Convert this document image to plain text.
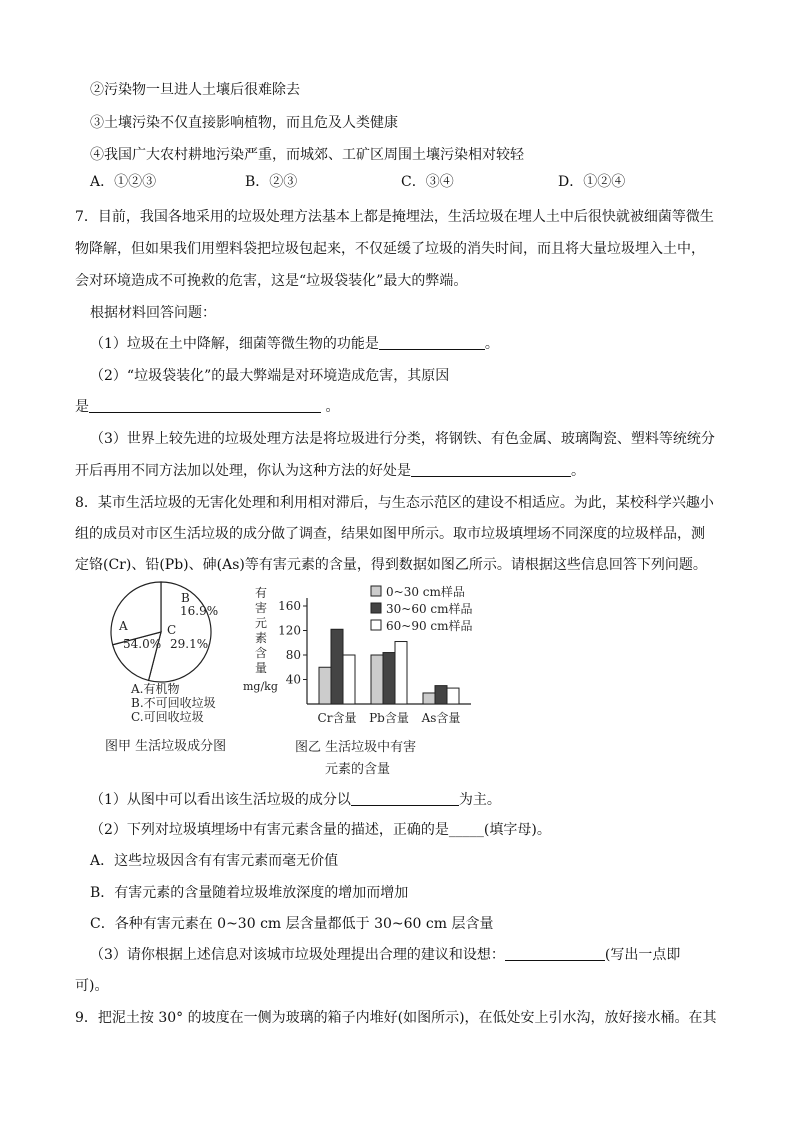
②污染物一旦进人土壤后很难除去
③土壤污染不仅直接影响植物，而且危及人类健康
④我国广大农村耕地污染严重，而城郊、工矿区周围土壤污染相对较轻
A．①②③	B．②③	C．③④	D．①②④
7．目前，我国各地采用的垃圾处理方法基本上都是掩埋法，生活垃圾在埋人土中后很快就被细菌等微生
物降解，但如果我们用塑料袋把垃圾包起来，不仅延缓了垃圾的消失时间，而且将大量垃圾埋入土中，
会对环境造成不可挽救的危害，这是“垃圾袋装化”最大的弊端。
根据材料回答问题：
（1）垃圾在土中降解，细菌等微生物的功能是	。
（2）“垃圾袋装化”的最大弊端是对环境造成危害，其原因
是	。
（3）世界上较先进的垃圾处理方法是将垃圾进行分类，将钢铁、有色金属、玻璃陶瓷、塑料等统统分
开后再用不同方法加以处理，你认为这种方法的好处是	。
8．某市生活垃圾的无害化处理和利用相对滞后，与生态示范区的建设不相适应。为此，某校科学兴趣小
组的成员对市区生活垃圾的成分做了调查，结果如图甲所示。取市垃圾填埋场不同深度的垃圾样品，测
定铬(Cr)、铅(Pb)、砷(As)等有害元素的含量，得到数据如图乙所示。请根据这些信息回答下列问题。
A
54.0%
B
16.9%
C
29.1%
A.有机物
B.不可回收垃圾
C.可回收垃圾
图甲 生活垃圾成分图
有
害
元
素
含
量
mg/kg
160
120
80
40
Cr含量 Pb含量 As含量
0~30 cm样品
30~60 cm样品
60~90 cm样品
图乙 生活垃圾中有害
元素的含量
（1）从图中可以看出该生活垃圾的成分以	为主。
（2）下列对垃圾填埋场中有害元素含量的描述，正确的是_____(填字母)。
A．这些垃圾因含有有害元素而毫无价值
B．有害元素的含量随着垃圾堆放深度的增加而增加
C．各种有害元素在 0~30 cm 层含量都低于 30~60 cm 层含量
（3）请你根据上述信息对该城市垃圾处理提出合理的建议和设想：	(写出一点即
可)。
9．把泥土按 30° 的坡度在一侧为玻璃的箱子内堆好(如图所示)，在低处安上引水沟，放好接水桶。在其
